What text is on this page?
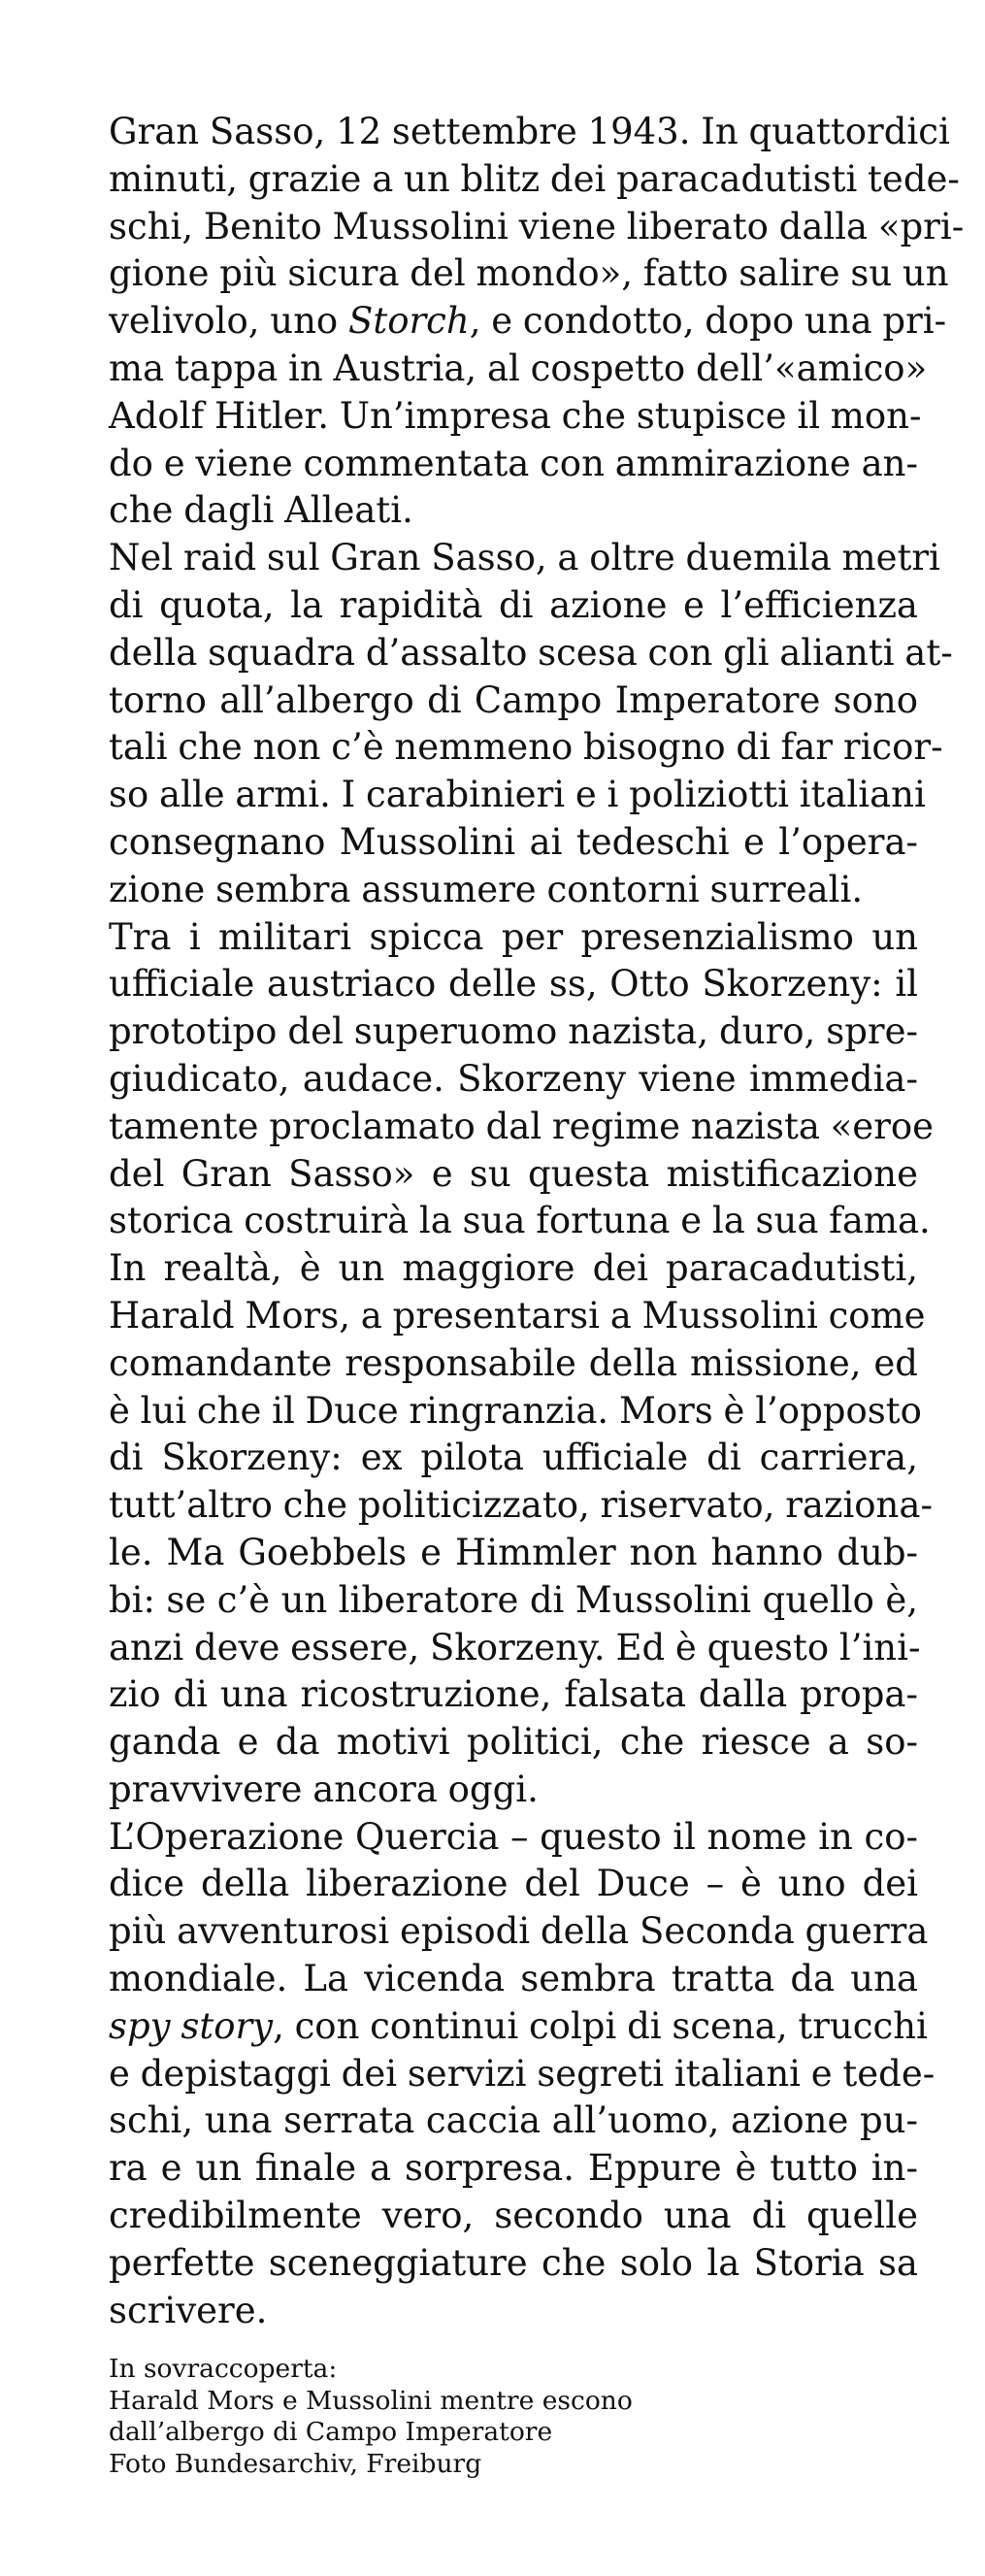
Gran Sasso, 12 settembre 1943. In quattordici
minuti, grazie a un blitz dei paracadutisti tede-
schi, Benito Mussolini viene liberato dalla «pri-
gione più sicura del mondo», fatto salire su un
velivolo, uno Storch, e condotto, dopo una pri-
ma tappa in Austria, al cospetto dell’«amico»
Adolf Hitler. Un’impresa che stupisce il mon-
do e viene commentata con ammirazione an-
che dagli Alleati.
Nel raid sul Gran Sasso, a oltre duemila metri
di quota, la rapidità di azione e l’efficienza
della squadra d’assalto scesa con gli alianti at-
torno all’albergo di Campo Imperatore sono
tali che non c’è nemmeno bisogno di far ricor-
so alle armi. I carabinieri e i poliziotti italiani
consegnano Mussolini ai tedeschi e l’opera-
zione sembra assumere contorni surreali.
Tra i militari spicca per presenzialismo un
ufficiale austriaco delle ss, Otto Skorzeny: il
prototipo del superuomo nazista, duro, spre-
giudicato, audace. Skorzeny viene immedia-
tamente proclamato dal regime nazista «eroe
del Gran Sasso» e su questa mistificazione
storica costruirà la sua fortuna e la sua fama.
In realtà, è un maggiore dei paracadutisti,
Harald Mors, a presentarsi a Mussolini come
comandante responsabile della missione, ed
è lui che il Duce ringranzia. Mors è l’opposto
di Skorzeny: ex pilota ufficiale di carriera,
tutt’altro che politicizzato, riservato, raziona-
le. Ma Goebbels e Himmler non hanno dub-
bi: se c’è un liberatore di Mussolini quello è,
anzi deve essere, Skorzeny. Ed è questo l’ini-
zio di una ricostruzione, falsata dalla propa-
ganda e da motivi politici, che riesce a so-
pravvivere ancora oggi.
L’Operazione Quercia – questo il nome in co-
dice della liberazione del Duce – è uno dei
più avventurosi episodi della Seconda guerra
mondiale. La vicenda sembra tratta da una
spy story, con continui colpi di scena, trucchi
e depistaggi dei servizi segreti italiani e tede-
schi, una serrata caccia all’uomo, azione pu-
ra e un finale a sorpresa. Eppure è tutto in-
credibilmente vero, secondo una di quelle
perfette sceneggiature che solo la Storia sa
scrivere.
In sovraccoperta:
Harald Mors e Mussolini mentre escono
dall’albergo di Campo Imperatore
Foto Bundesarchiv, Freiburg
